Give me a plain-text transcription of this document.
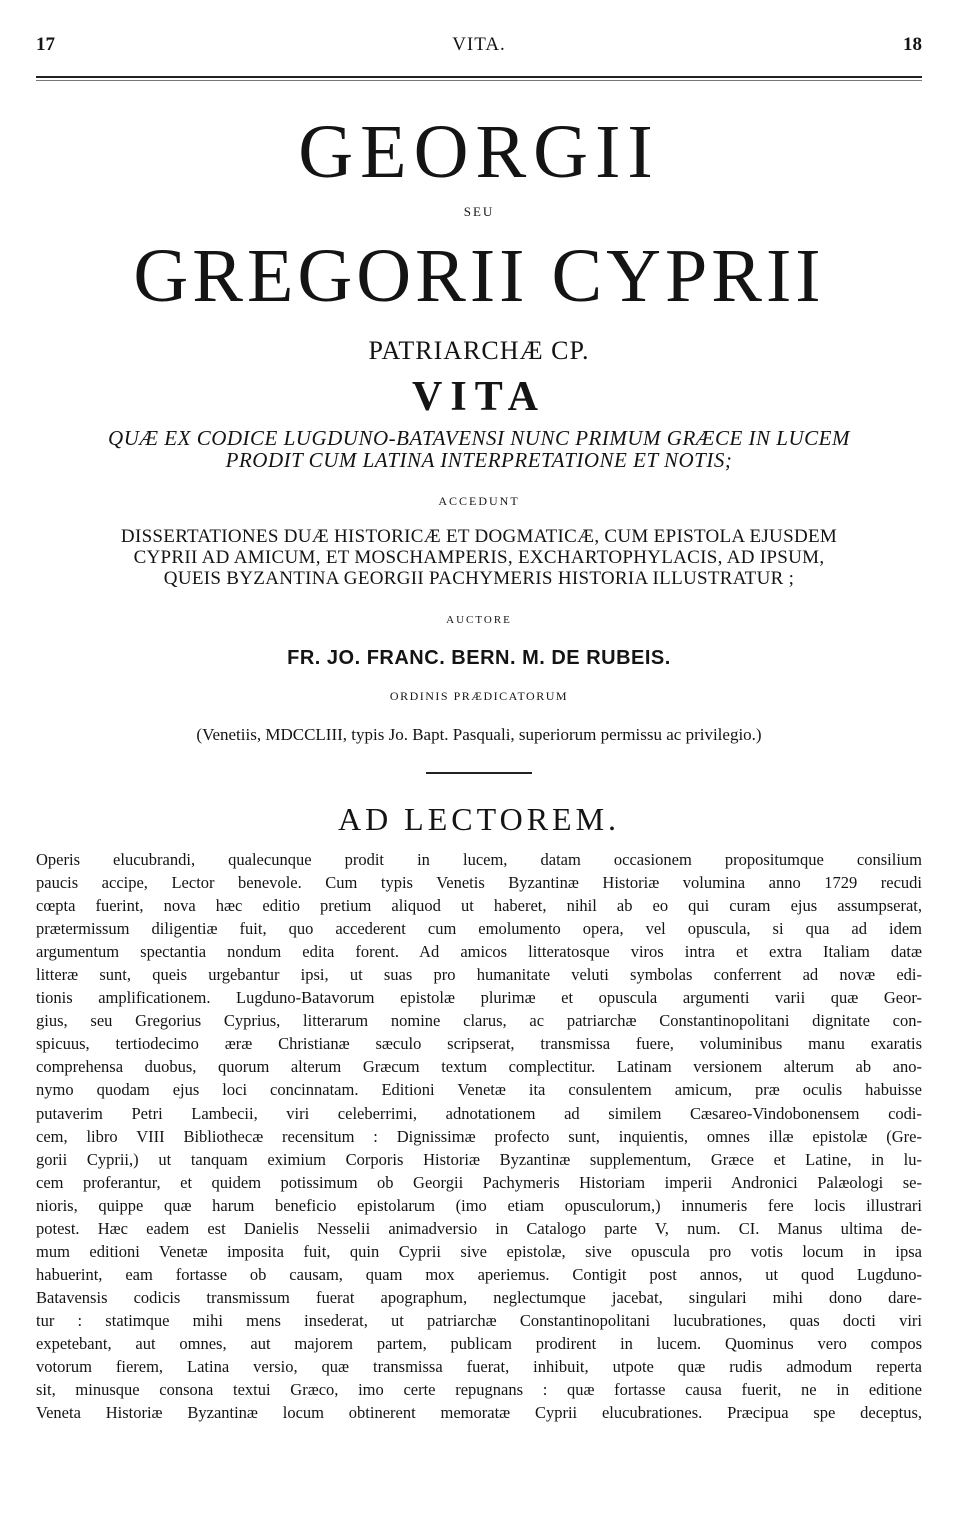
17	VITA.	18
GEORGII
SEU
GREGORII CYPRII
PATRIARCHÆ CP.
VITA
QUÆ EX CODICE LUGDUNO-BATAVENSI NUNC PRIMUM GRÆCE IN LUCEM
PRODIT CUM LATINA INTERPRETATIONE ET NOTIS;
ACCEDUNT
DISSERTATIONES DUÆ HISTORICÆ ET DOGMATICÆ, CUM EPISTOLA EJUSDEM
CYPRII AD AMICUM, ET MOSCHAMPERIS, EXCHARTOPHYLACIS, AD IPSUM,
QUEIS BYZANTINA GEORGII PACHYMERIS HISTORIA ILLUSTRATUR ;
AUCTORE
FR. JO. FRANC. BERN. M. DE RUBEIS.
ORDINIS PRÆDICATORUM
(Venetiis, MDCCLIII, typis Jo. Bapt. Pasquali, superiorum permissu ac privilegio.)
AD LECTOREM.
Operis elucubrandi, qualecunque prodit in lucem, datam occasionem propositumque consilium
paucis accipe, Lector benevole. Cum typis Venetis Byzantinæ Historiæ volumina anno 1729 recudi
cœpta fuerint, nova hæc editio pretium aliquod ut haberet, nihil ab eo qui curam ejus assumpserat,
prætermissum diligentiæ fuit, quo accederent cum emolumento opera, vel opuscula, si qua ad idem
argumentum spectantia nondum edita forent. Ad amicos litteratosque viros intra et extra Italiam datæ
litteræ sunt, queis urgebantur ipsi, ut suas pro humanitate veluti symbolas conferrent ad novæ edi-
tionis amplificationem. Lugduno-Batavorum epistolæ plurimæ et opuscula argumenti varii quæ Geor-
gius, seu Gregorius Cyprius, litterarum nomine clarus, ac patriarchæ Constantinopolitani dignitate con-
spicuus, tertiodecimo æræ Christianæ sæculo scripserat, transmissa fuere, voluminibus manu exaratis
comprehensa duobus, quorum alterum Græcum textum complectitur. Latinam versionem alterum ab ano-
nymo quodam ejus loci concinnatam. Editioni Venetæ ita consulentem amicum, præ oculis habuisse
putaverim Petri Lambecii, viri celeberrimi, adnotationem ad similem Cæsareo-Vindobonensem codi-
cem, libro VIII Bibliothecæ recensitum : Dignissimæ profecto sunt, inquientis, omnes illæ epistolæ (Gre-
gorii Cyprii,) ut tanquam eximium Corporis Historiæ Byzantinæ supplementum, Græce et Latine, in lu-
cem proferantur, et quidem potissimum ob Georgii Pachymeris Historiam imperii Andronici Palæologi se-
nioris, quippe quæ harum beneficio epistolarum (imo etiam opusculorum,) innumeris fere locis illustrari
potest. Hæc eadem est Danielis Nesselii animadversio in Catalogo parte V, num. CI. Manus ultima de-
mum editioni Venetæ imposita fuit, quin Cyprii sive epistolæ, sive opuscula pro votis locum in ipsa
habuerint, eam fortasse ob causam, quam mox aperiemus. Contigit post annos, ut quod Lugduno-
Batavensis codicis transmissum fuerat apographum, neglectumque jacebat, singulari mihi dono dare-
tur : statimque mihi mens insederat, ut patriarchæ Constantinopolitani lucubrationes, quas docti viri
expetebant, aut omnes, aut majorem partem, publicam prodirent in lucem. Quominus vero compos
votorum fierem, Latina versio, quæ transmissa fuerat, inhibuit, utpote quæ rudis admodum reperta
sit, minusque consona textui Græco, imo certe repugnans : quæ fortasse causa fuerit, ne in editione
Veneta Historiæ Byzantinæ locum obtinerent memoratæ Cyprii elucubrationes. Præcipua spe deceptus,
